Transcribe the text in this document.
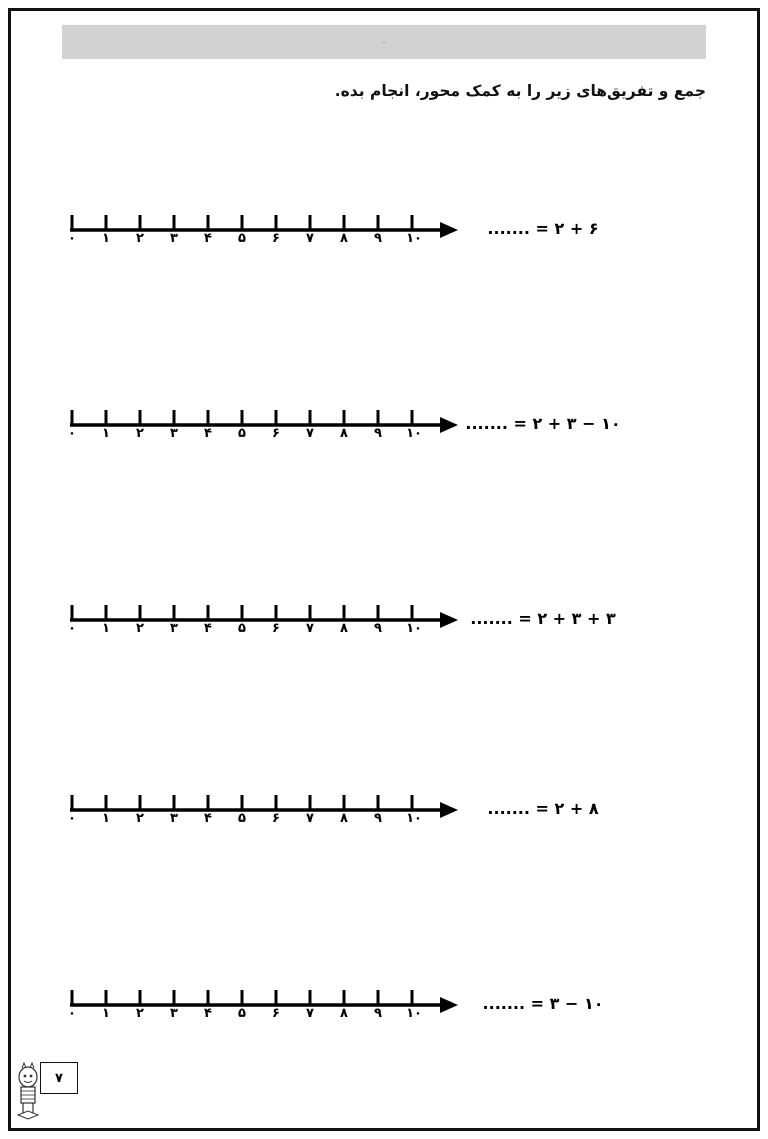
ـ
جمع و تفریق‌های زیر را به کمک محور، انجام بده.
۶ + ۲ = .......
۰	۱	۲	۳	۴	۵	۶	۷	۸	۹	۱۰
۱۰ − ۳ + ۲ = .......
۰	۱	۲	۳	۴	۵	۶	۷	۸	۹	۱۰
۳ + ۳ + ۲ = .......
۰	۱	۲	۳	۴	۵	۶	۷	۸	۹	۱۰
۸ + ۲ = .......
۰	۱	۲	۳	۴	۵	۶	۷	۸	۹	۱۰
۱۰ − ۳ = .......
۰	۱	۲	۳	۴	۵	۶	۷	۸	۹	۱۰
۷
